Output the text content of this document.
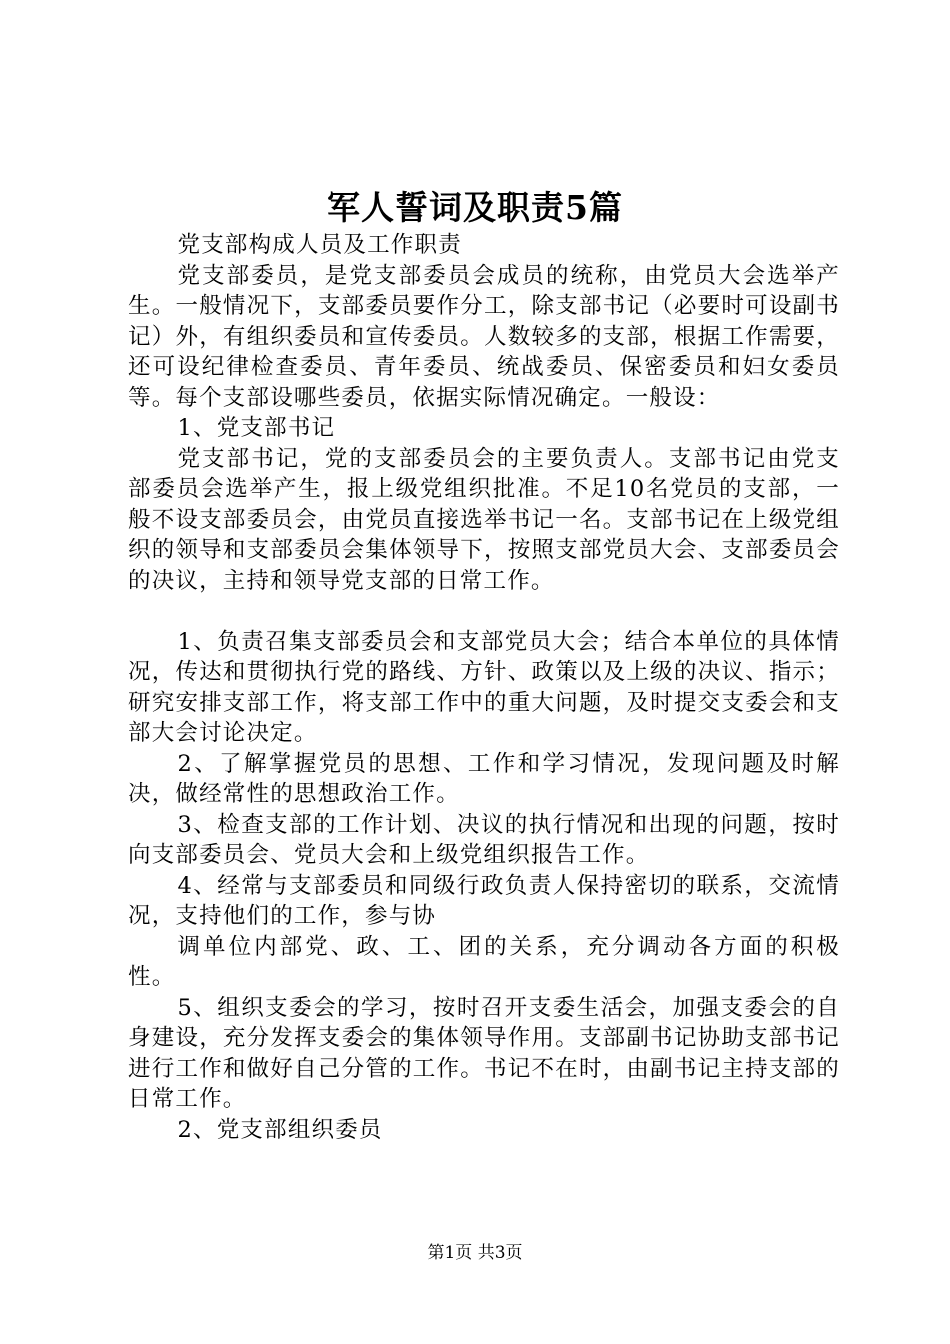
军人誓词及职责5篇

党支部构成人员及工作职责

党支部委员，是党支部委员会成员的统称，由党员大会选举产生。一般情况下，支部委员要作分工，除支部书记（必要时可设副书记）外，有组织委员和宣传委员。人数较多的支部，根据工作需要，还可设纪律检查委员、青年委员、统战委员、保密委员和妇女委员等。每个支部设哪些委员，依据实际情况确定。一般设：

1、党支部书记

党支部书记，党的支部委员会的主要负责人。支部书记由党支部委员会选举产生，报上级党组织批准。不足10名党员的支部，一般不设支部委员会，由党员直接选举书记一名。支部书记在上级党组织的领导和支部委员会集体领导下，按照支部党员大会、支部委员会的决议，主持和领导党支部的日常工作。

1、负责召集支部委员会和支部党员大会；结合本单位的具体情况，传达和贯彻执行党的路线、方针、政策以及上级的决议、指示；研究安排支部工作，将支部工作中的重大问题，及时提交支委会和支部大会讨论决定。

2、了解掌握党员的思想、工作和学习情况，发现问题及时解决，做经常性的思想政治工作。

3、检查支部的工作计划、决议的执行情况和出现的问题，按时向支部委员会、党员大会和上级党组织报告工作。

4、经常与支部委员和同级行政负责人保持密切的联系，交流情况，支持他们的工作，参与协

调单位内部党、政、工、团的关系，充分调动各方面的积极性。

5、组织支委会的学习，按时召开支委生活会，加强支委会的自身建设，充分发挥支委会的集体领导作用。支部副书记协助支部书记进行工作和做好自己分管的工作。书记不在时，由副书记主持支部的日常工作。

2、党支部组织委员

第1页 共3页
